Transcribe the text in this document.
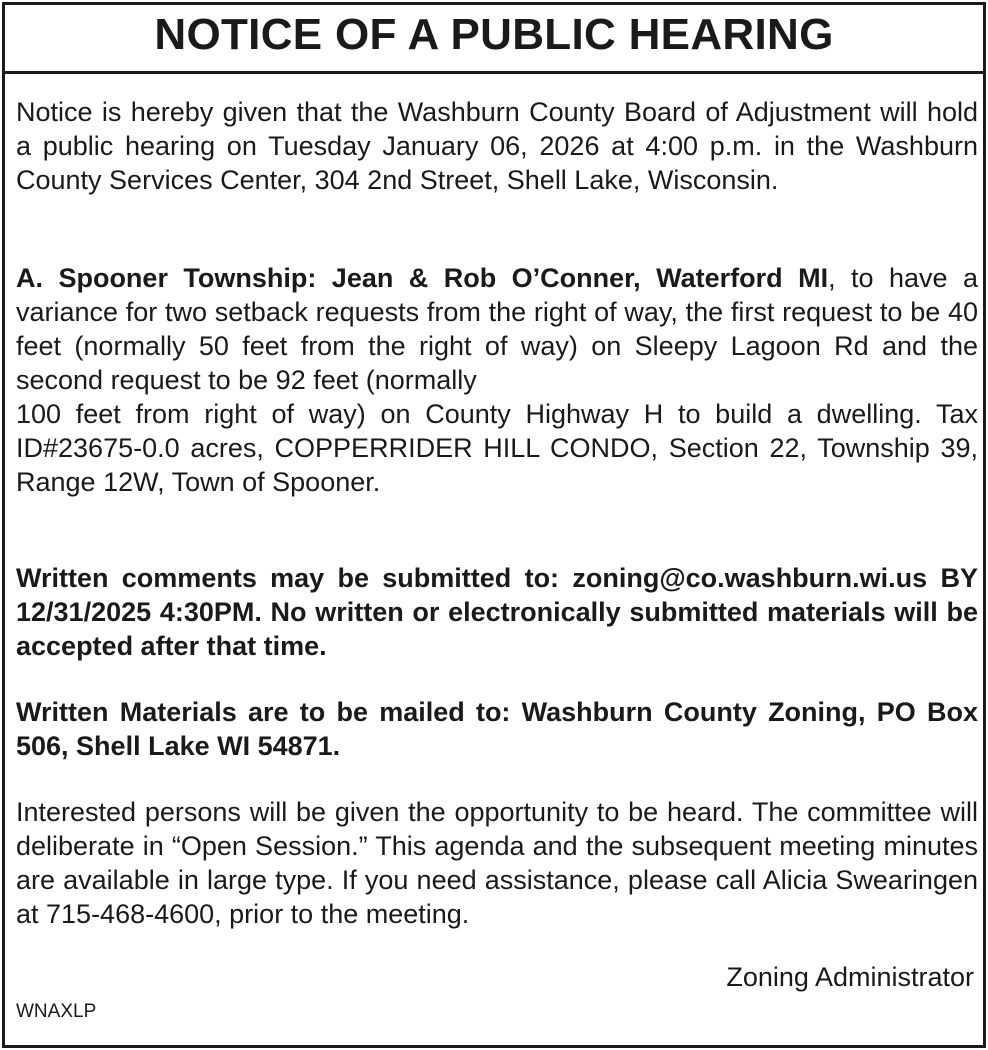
NOTICE OF A PUBLIC HEARING

Notice is hereby given that the Washburn County Board of Adjustment will hold a public hearing on Tuesday January 06, 2026 at 4:00 p.m. in the Washburn County Services Center, 304 2nd Street, Shell Lake, Wisconsin.

A. Spooner Township: Jean & Rob O’Conner, Waterford MI, to have a variance for two setback requests from the right of way, the first request to be 40 feet (normally 50 feet from the right of way) on Sleepy Lagoon Rd and the second request to be 92 feet (normally
100 feet from right of way) on County Highway H to build a dwelling. Tax ID#23675-0.0 acres, COPPERRIDER HILL CONDO, Section 22, Township 39, Range 12W, Town of Spooner.

Written comments may be submitted to: zoning@co.washburn.wi.us BY 12/31/2025 4:30PM. No written or electronically submitted materials will be accepted after that time.

Written Materials are to be mailed to: Washburn County Zoning, PO Box 506, Shell Lake WI 54871.

Interested persons will be given the opportunity to be heard. The committee will deliberate in “Open Session.” This agenda and the subsequent meeting minutes are available in large type. If you need assistance, please call Alicia Swearingen at 715-468-4600, prior to the meeting.

Zoning Administrator
WNAXLP
